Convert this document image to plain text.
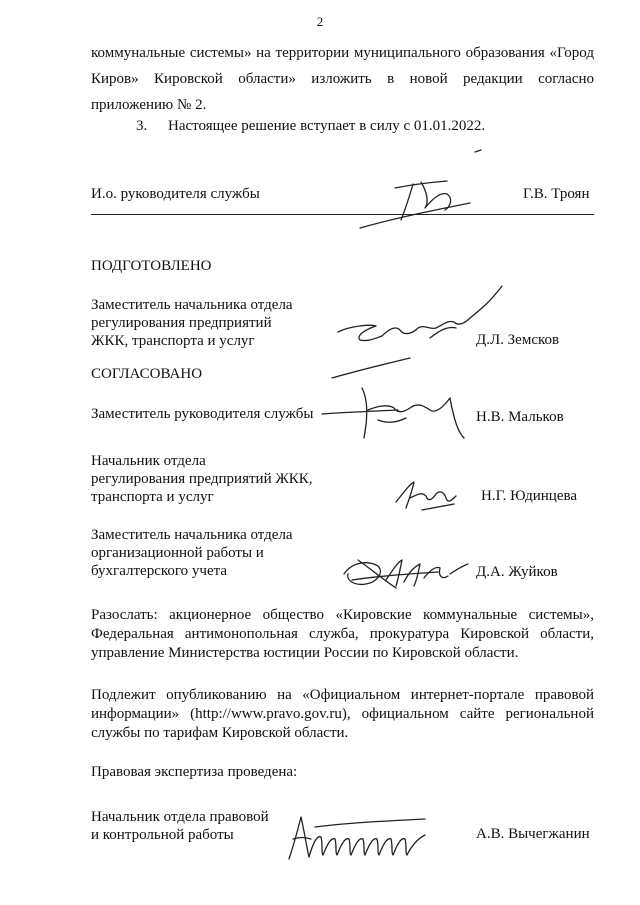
2
коммунальные системы» на территории муниципального образования «Город
Киров» Кировской области» изложить в новой редакции согласно
приложению № 2.
3. Настоящее решение вступает в силу с 01.01.2022.
И.о. руководителя службы	Г.В. Троян
ПОДГОТОВЛЕНО
Заместитель начальника отдела
регулирования предприятий
ЖКК, транспорта и услуг	Д.Л. Земсков
СОГЛАСОВАНО
Заместитель руководителя службы	Н.В. Мальков
Начальник отдела
регулирования предприятий ЖКК,
транспорта и услуг	Н.Г. Юдинцева
Заместитель начальника отдела
организационной работы и
бухгалтерского учета	Д.А. Жуйков
Разослать: акционерное общество «Кировские коммунальные системы»,
Федеральная антимонопольная служба, прокуратура Кировской области,
управление Министерства юстиции России по Кировской области.
Подлежит опубликованию на «Официальном интернет-портале правовой
информации» (http://www.pravo.gov.ru), официальном сайте региональной
службы по тарифам Кировской области.
Правовая экспертиза проведена:
Начальник отдела правовой
и контрольной работы	А.В. Вычегжанин
